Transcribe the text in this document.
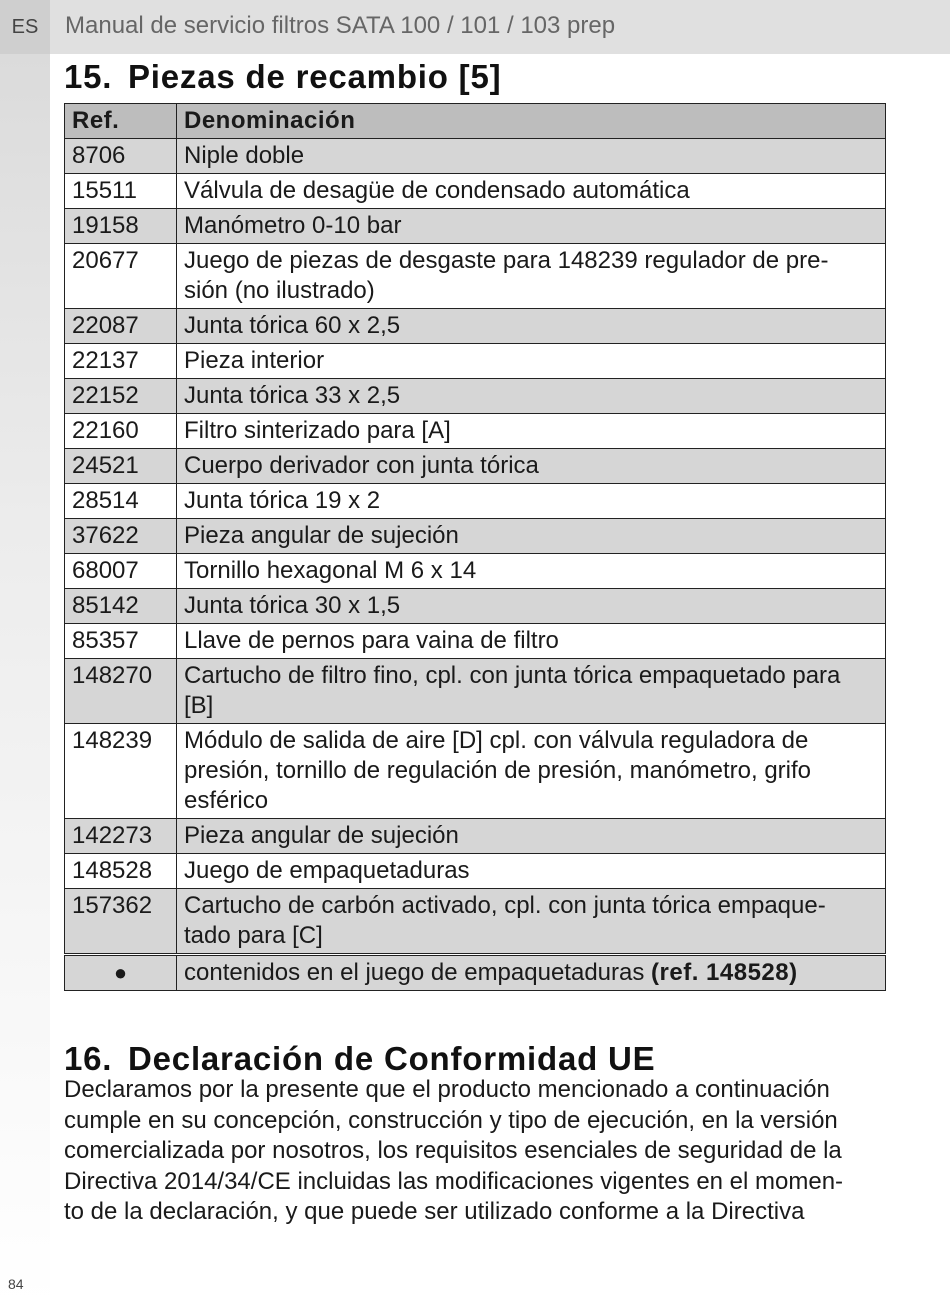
ES	Manual de servicio filtros SATA 100 / 101 / 103 prep
15. Piezas de recambio [5]
Ref.	Denominación
8706	Niple doble
15511	Válvula de desagüe de condensado automática
19158	Manómetro 0-10 bar
20677	Juego de piezas de desgaste para 148239 regulador de pre-
sión (no ilustrado)

22087	Junta tórica 60 x 2,5
22137	Pieza interior
22152	Junta tórica 33 x 2,5
22160	Filtro sinterizado para [A]
24521	Cuerpo derivador con junta tórica
28514	Junta tórica 19 x 2
37622	Pieza angular de sujeción
68007	Tornillo hexagonal M 6 x 14
85142	Junta tórica 30 x 1,5
85357	Llave de pernos para vaina de filtro
148270	Cartucho de filtro fino, cpl. con junta tórica empaquetado para
[B]

148239	Módulo de salida de aire [D] cpl. con válvula reguladora de
presión, tornillo de regulación de presión, manómetro, grifo
esférico

142273	Pieza angular de sujeción
148528	Juego de empaquetaduras
157362	Cartucho de carbón activado, cpl. con junta tórica empaque-
tado para [C]
●	contenidos en el juego de empaquetaduras (ref. 148528)
16. Declaración de Conformidad UE
Declaramos por la presente que el producto mencionado a continuación
cumple en su concepción, construcción y tipo de ejecución, en la versión
comercializada por nosotros, los requisitos esenciales de seguridad de la
Directiva 2014/34/CE incluidas las modificaciones vigentes en el momen-
to de la declaración, y que puede ser utilizado conforme a la Directiva
84
